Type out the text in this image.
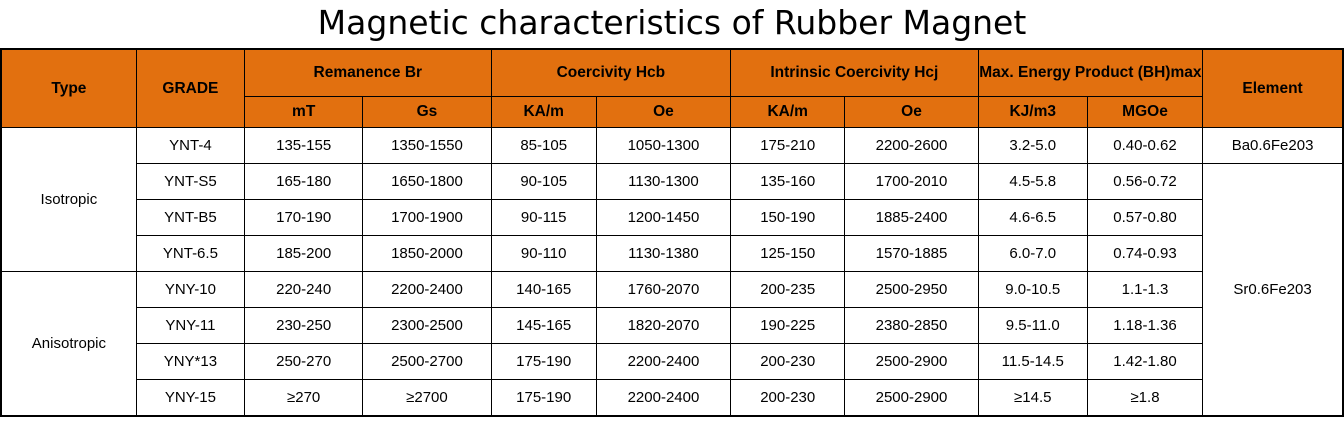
Magnetic characteristics of Rubber Magnet
Type	GRADE	Remanence Br		Coercivity Hcb		Intrinsic Coercivity Hcj		Max. Energy Product (BH)max		Element
		mT	Gs	KA/m	Oe	KA/m	Oe	KJ/m3	MGOe	
Isotropic	YNT-4	135-155	1350-1550	85-105	1050-1300	175-210	2200-2600	3.2-5.0	0.40-0.62	Ba0.6Fe203
	YNT-S5	165-180	1650-1800	90-105	1130-1300	135-160	1700-2010	4.5-5.8	0.56-0.72	Sr0.6Fe203
	YNT-B5	170-190	1700-1900	90-115	1200-1450	150-190	1885-2400	4.6-6.5	0.57-0.80	
	YNT-6.5	185-200	1850-2000	90-110	1130-1380	125-150	1570-1885	6.0-7.0	0.74-0.93	
Anisotropic	YNY-10	220-240	2200-2400	140-165	1760-2070	200-235	2500-2950	9.0-10.5	1.1-1.3	
	YNY-11	230-250	2300-2500	145-165	1820-2070	190-225	2380-2850	9.5-11.0	1.18-1.36	
	YNY*13	250-270	2500-2700	175-190	2200-2400	200-230	2500-2900	11.5-14.5	1.42-1.80	
	YNY-15	≥270	≥2700	175-190	2200-2400	200-230	2500-2900	≥14.5	≥1.8	
